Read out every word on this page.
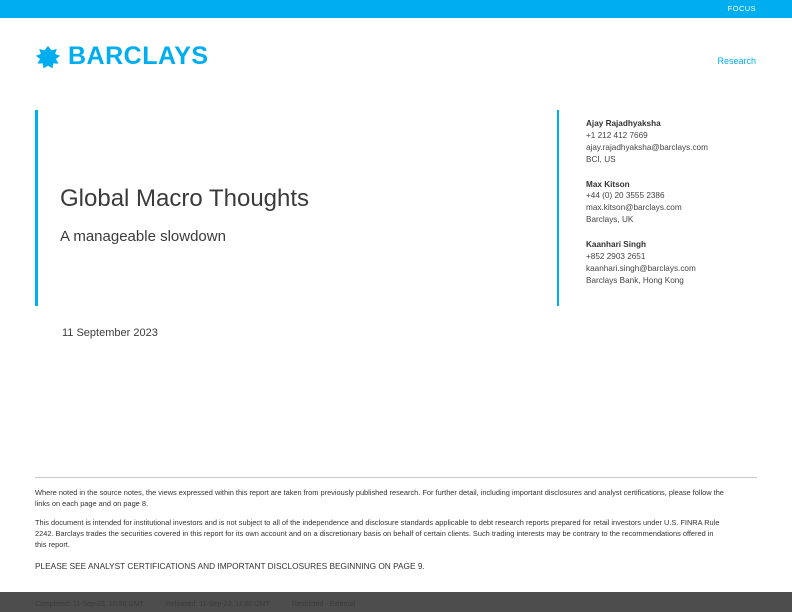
FOCUS
BARCLAYS	Research
Global Macro Thoughts
A manageable slowdown
11 September 2023
Ajay Rajadhyaksha
+1 212 412 7669
ajay.rajadhyaksha@barclays.com
BCI, US
Max Kitson
+44 (0) 20 3555 2386
max.kitson@barclays.com
Barclays, UK
Kaanhari Singh
+852 2903 2651
kaanhari.singh@barclays.com
Barclays Bank, Hong Kong

Where noted in the source notes, the views expressed within this report are taken from previously published research. For further detail, including important disclosures and analyst certifications, please follow the links on each page and on page 8.

This document is intended for institutional investors and is not subject to all of the independence and disclosure standards applicable to debt research reports prepared for retail investors under U.S. FINRA Rule 2242. Barclays trades the securities covered in this report for its own account and on a discretionary basis on behalf of certain clients. Such trading interests may be contrary to the recommendations offered in this report.

PLEASE SEE ANALYST CERTIFICATIONS AND IMPORTANT DISCLOSURES BEGINNING ON PAGE 9.

Completed: 11-Sep-23, 10:56 GMT	Released: 11-Sep-23, 11:00 GMT	Restricted - External
